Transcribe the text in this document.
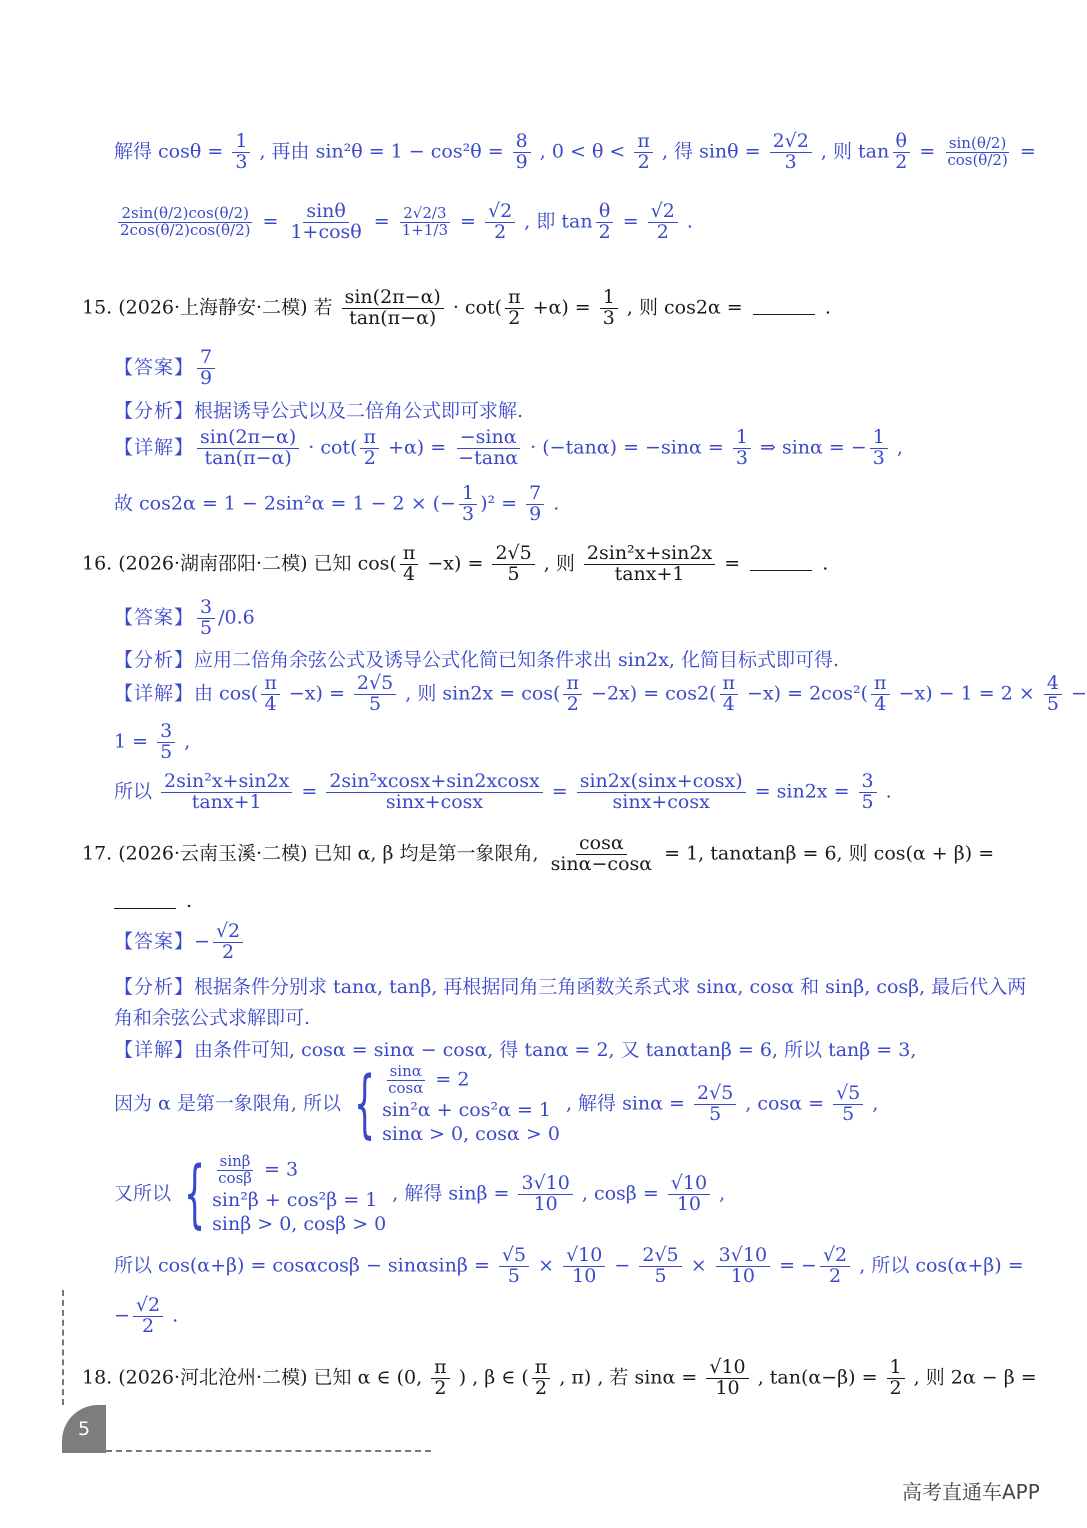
解得 $\cos\theta = \frac{1}{3}$ , 再由 $\sin^2\theta = 1 - \cos^2\theta = \frac{8}{9}$ , $0 < \theta < \frac{\pi}{2}$ , 得 $\sin\theta = \frac{2√2}{3}$ , 则 $\tan \frac{\theta}{2} = \frac{\sin(\theta/2)}{\cos(\theta/2)}$ =
$\frac{2\sin(\theta/2)\cos(\theta/2)}{2\cos(\theta/2)\cos(\theta/2)} = \frac{\sin\theta}{1+\cos\theta} = \frac{2√2/3}{1+1/3} = \frac{√2}{2}$ , 即 $\tan \frac{\theta}{2} = \frac{√2}{2}$ .
15. (2026·上海静安·二模) 若 $\frac{\sin(2\pi-\alpha)}{\tan(\pi-\alpha)} \cdot \cot( \frac{\pi}{2} +\alpha) = \frac{1}{3}$ , 则 cos2α =	.
【答案】 $\frac{7}{9}$
【分析】根据诱导公式以及二倍角公式即可求解.
【详解】 $\frac{\sin(2\pi-\alpha)}{\tan(\pi-\alpha)} \cdot \cot( \frac{\pi}{2} +\alpha) = \frac{-\sin\alpha}{-\tan\alpha} \cdot (-\tan\alpha) = -\sin\alpha = \frac{1}{3}$ ⇒ sinα = − $\frac{1}{3}$ ,
故 cos2α = 1 − 2sin²α = 1 − 2 × (− $\frac{1}{3} )^2 = \frac{7}{9}$ .
16. (2026·湖南邵阳·二模) 已知 $\cos( \frac{\pi}{4} -x) = \frac{2√5}{5}$ , 则 $\frac{\text{2sin²x+sin2x}}{\tan x+1}$ =	.
【答案】 $\frac{3}{5} /0.6$
【分析】应用二倍角余弦公式及诱导公式化简已知条件求出 sin2x, 化简目标式即可得.
【详解】由 $\cos( \frac{\pi}{4} -x) = \frac{2√5}{5}$ , 则 $\sin 2x = \cos( \frac{\pi}{2} -2x) = \cos 2( \frac{\pi}{4} -x) = 2\cos^2( \frac{\pi}{4} -x) - 1 = 2 \times \frac{4}{5}$ −
$1 = \frac{3}{5}$ ,
所以 $\frac{\text{2sin²x+sin2x}}{\tan x+1} = \frac{\text{2sin²xcosx+sin2xcosx}}{\sin x+\cos x} = \frac{\sin 2x(\sin x+\cos x)}{\sin x+\cos x} = \sin 2x = \frac{3}{5}$ .
17. (2026·云南玉溪·二模) 已知 α, β 均是第一象限角, $\frac{\cos\alpha}{\sin\alpha-\cos\alpha} = 1$, tanαtanβ = 6, 则 cos(α + β) =
.
【答案】− $\frac{√2}{2}$
【分析】根据条件分别求 tanα, tanβ, 再根据同角三角函数关系式求 sinα, cosα 和 sinβ, cosβ, 最后代入两
角和余弦公式求解即可.
【详解】由条件可知, cosα = sinα − cosα, 得 tanα = 2, 又 tanαtanβ = 6, 所以 tanβ = 3,
因为 α 是第一象限角, 所以 { $\frac{\sin\alpha}{\cos\alpha} = 2$
sin²α + cos²α = 1
sinα > 0, cosα > 0
, 解得 $\sin\alpha = \frac{2√5}{5}$ , $\cos\alpha = \frac{√5}{5}$ ,
又所以 { $\frac{\sin\beta}{\cos\beta} = 3$
sin²β + cos²β = 1
sinβ > 0, cosβ > 0
, 解得 $\sin\beta = \frac{3√10}{10}$ , $\cos\beta = \frac{√10}{10}$ ,
所以 $\cos(\alpha+\beta) = \cos\alpha\cos\beta - \sin\alpha\sin\beta = \frac{√5}{5} \times \frac{√10}{10} - \frac{2√5}{5} \times \frac{3√10}{10}$ = − $\frac{√2}{2}$ , 所以 cos(α+β) =
− $\frac{√2}{2}$ .
18. (2026·河北沧州·二模) 已知 α ∈ (0, $\frac{\pi}{2}$ ) , β ∈ ( $\frac{\pi}{2}$ , π) , 若 $\sin\alpha = \frac{√10}{10}$ , $\tan(\alpha-\beta) = \frac{1}{2}$ , 则 2α − β =
5
高考直通车APP
